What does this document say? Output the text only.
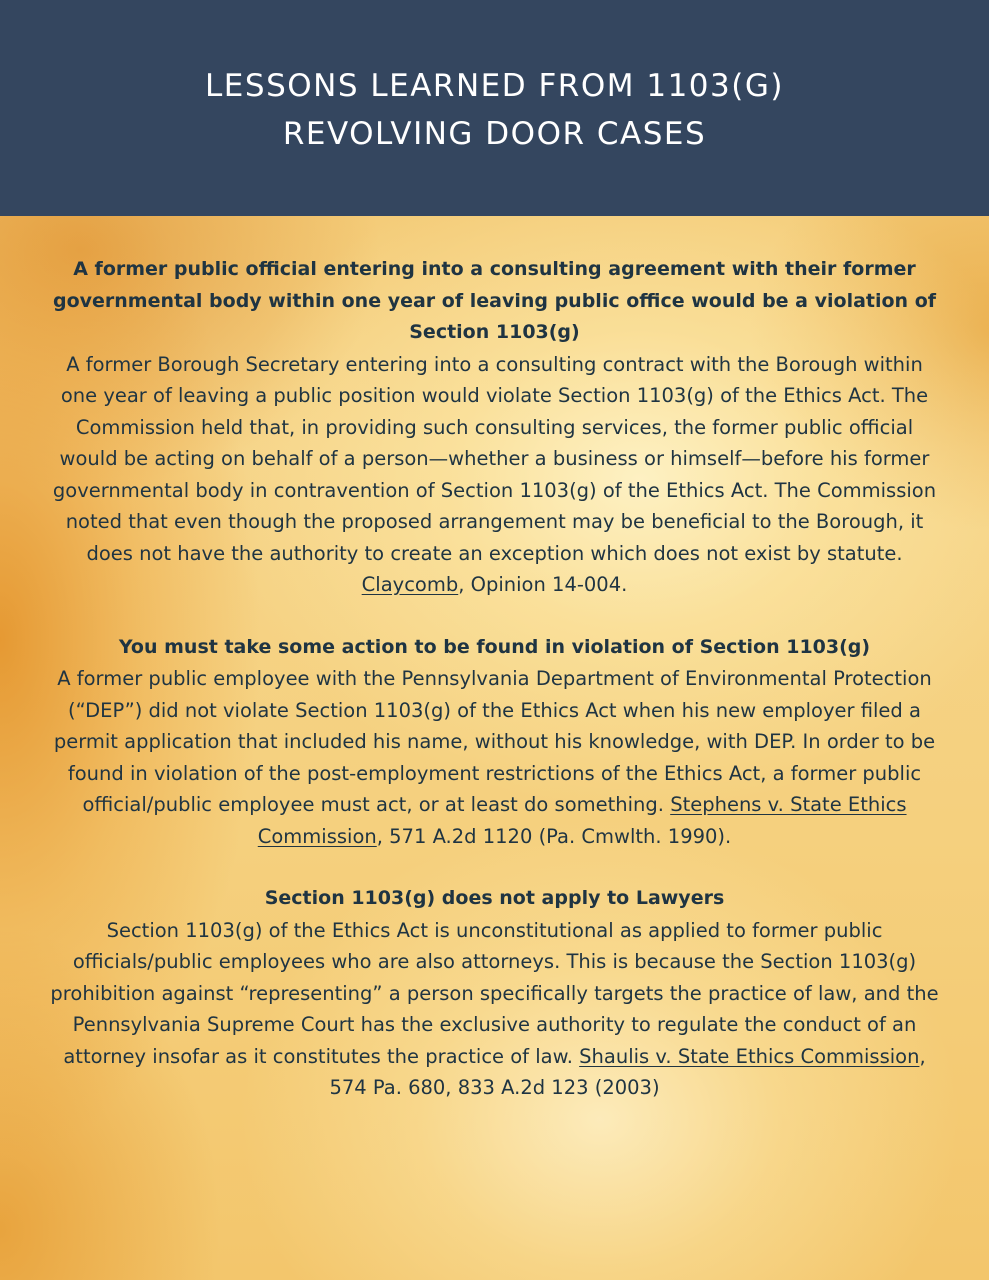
LESSONS LEARNED FROM 1103(G)
REVOLVING DOOR CASES

A former public official entering into a consulting agreement with their former governmental body within one year of leaving public office would be a violation of Section 1103(g)

A former Borough Secretary entering into a consulting contract with the Borough within one year of leaving a public position would violate Section 1103(g) of the Ethics Act. The Commission held that, in providing such consulting services, the former public official would be acting on behalf of a person—whether a business or himself—before his former governmental body in contravention of Section 1103(g) of the Ethics Act. The Commission noted that even though the proposed arrangement may be beneficial to the Borough, it does not have the authority to create an exception which does not exist by statute. Claycomb, Opinion 14-004.

You must take some action to be found in violation of Section 1103(g)

A former public employee with the Pennsylvania Department of Environmental Protection (“DEP”) did not violate Section 1103(g) of the Ethics Act when his new employer filed a permit application that included his name, without his knowledge, with DEP. In order to be found in violation of the post-employment restrictions of the Ethics Act, a former public official/public employee must act, or at least do something. Stephens v. State Ethics Commission, 571 A.2d 1120 (Pa. Cmwlth. 1990).

Section 1103(g) does not apply to Lawyers

Section 1103(g) of the Ethics Act is unconstitutional as applied to former public officials/public employees who are also attorneys. This is because the Section 1103(g) prohibition against “representing” a person specifically targets the practice of law, and the Pennsylvania Supreme Court has the exclusive authority to regulate the conduct of an attorney insofar as it constitutes the practice of law. Shaulis v. State Ethics Commission, 574 Pa. 680, 833 A.2d 123 (2003)
